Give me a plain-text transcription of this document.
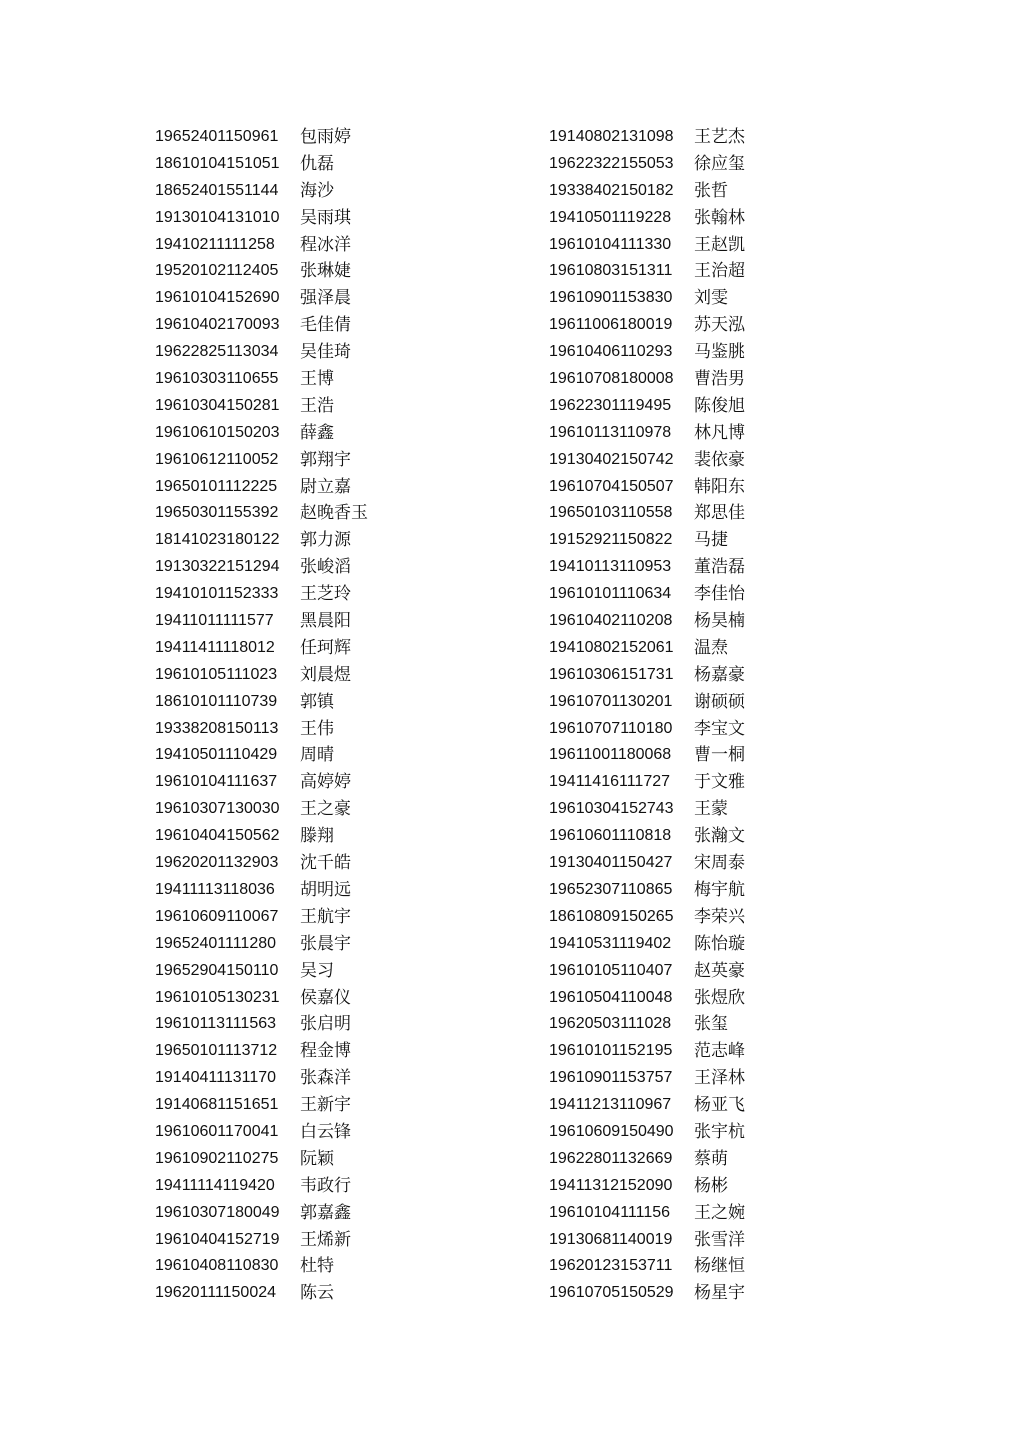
19652401150961	包雨婷
18610104151051	仇磊
18652401551144	海沙
19130104131010	吴雨琪
19410211111258	程冰洋
19520102112405	张琳婕
19610104152690	强泽晨
19610402170093	毛佳倩
19622825113034	吴佳琦
19610303110655	王博
19610304150281	王浩
19610610150203	薛鑫
19610612110052	郭翔宇
19650101112225	尉立嘉
19650301155392	赵晚香玉
18141023180122	郭力源
19130322151294	张峻滔
19410101152333	王芝玲
19411011111577	黑晨阳
19411411118012	任珂辉
19610105111023	刘晨煜
18610101110739	郭镇
19338208150113	王伟
19410501110429	周晴
19610104111637	高婷婷
19610307130030	王之豪
19610404150562	滕翔
19620201132903	沈千皓
19411113118036	胡明远
19610609110067	王航宇
19652401111280	张晨宇
19652904150110	吴习
19610105130231	侯嘉仪
19610113111563	张启明
19650101113712	程金博
19140411131170	张森洋
19140681151651	王新宇
19610601170041	白云锋
19610902110275	阮颖
19411114119420	韦政行
19610307180049	郭嘉鑫
19610404152719	王烯新
19610408110830	杜特
19620111150024	陈云
19140802131098	王艺杰
19622322155053	徐应玺
19338402150182	张哲
19410501119228	张翰林
19610104111330	王赵凯
19610803151311	王治超
19610901153830	刘雯
19611006180019	苏天泓
19610406110293	马鉴朓
19610708180008	曹浩男
19622301119495	陈俊旭
19610113110978	林凡博
19130402150742	裴依豪
19610704150507	韩阳东
19650103110558	郑思佳
19152921150822	马捷
19410113110953	董浩磊
19610101110634	李佳怡
19610402110208	杨昊楠
19410802152061	温焘
19610306151731	杨嘉豪
19610701130201	谢硕硕
19610707110180	李宝文
19611001180068	曹一桐
19411416111727	于文雅
19610304152743	王蒙
19610601110818	张瀚文
19130401150427	宋周泰
19652307110865	梅宇航
18610809150265	李荣兴
19410531119402	陈怡璇
19610105110407	赵英豪
19610504110048	张煜欣
19620503111028	张玺
19610101152195	范志峰
19610901153757	王泽林
19411213110967	杨亚飞
19610609150490	张宇杭
19622801132669	蔡萌
19411312152090	杨彬
19610104111156	王之婉
19130681140019	张雪洋
19620123153711	杨继恒
19610705150529	杨星宇
